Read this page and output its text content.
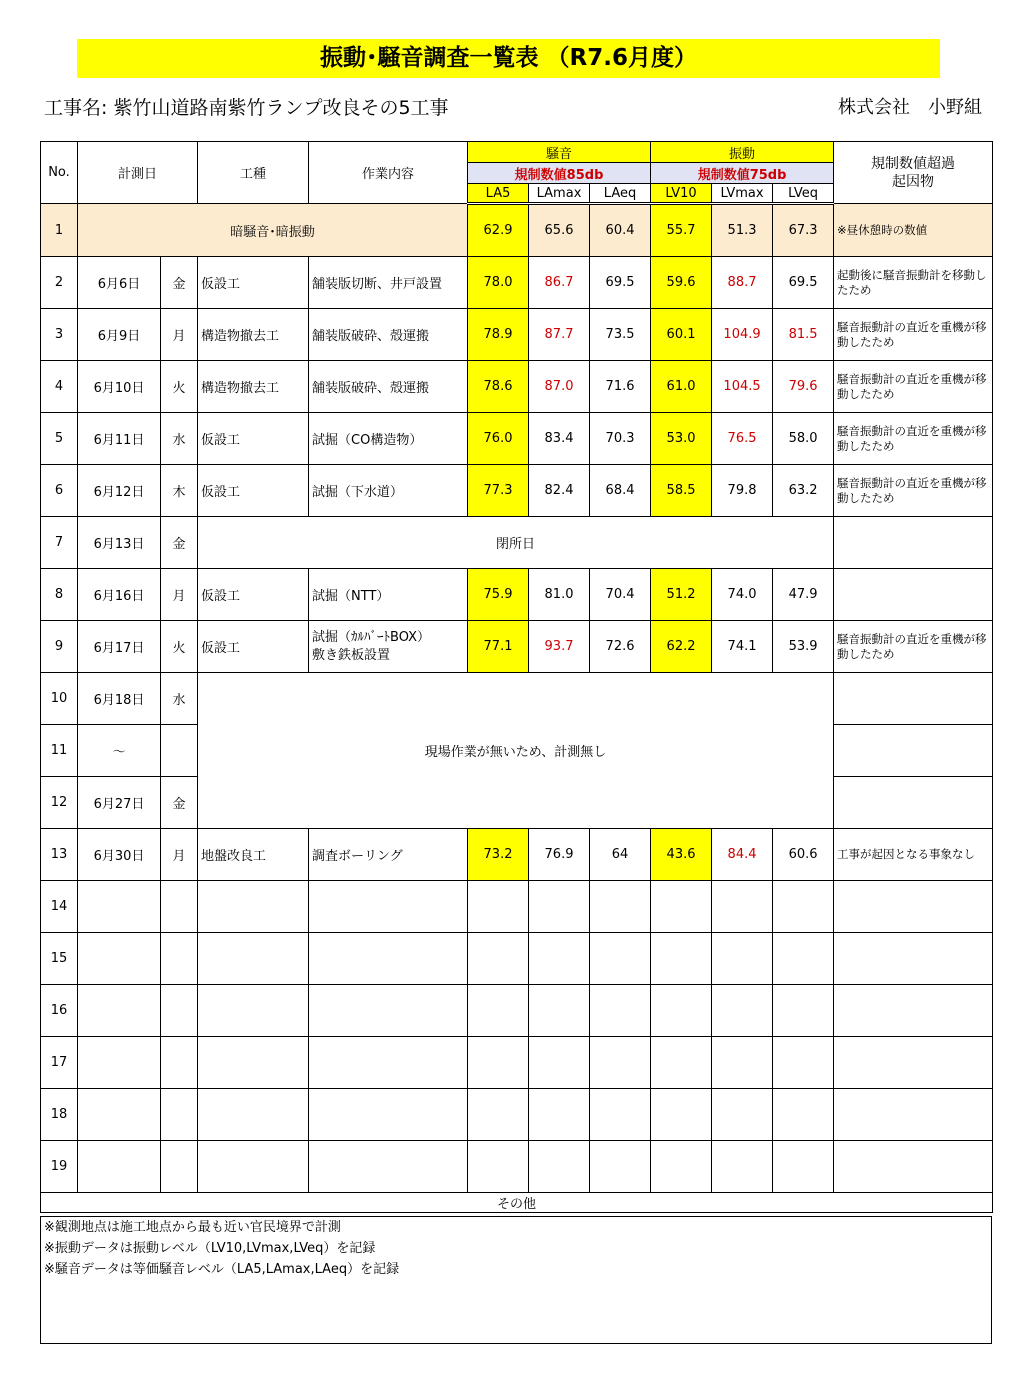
振動･騒音調査一覧表 （R7.6月度）
工事名: 紫竹山道路南紫竹ランプ改良その5工事	株式会社　小野組
No.	計測日		工種	作業内容	騒音			振動			規制数値超過
起因物

					規制数値85db			規制数値75db			
					LA5	LAmax	LAeq	LV10	LVmax	LVeq	
1	暗騒音･暗振動				62.9	65.6	60.4	55.7	51.3	67.3	※昼休憩時の数値
2	6月6日	金	仮設工	舗装版切断、井戸設置	78.0	86.7	69.5	59.6	88.7	69.5	起動後に騒音振動計を移動したため
3	6月9日	月	構造物撤去工	舗装版破砕、殻運搬	78.9	87.7	73.5	60.1	104.9	81.5	騒音振動計の直近を重機が移動したため
4	6月10日	火	構造物撤去工	舗装版破砕、殻運搬	78.6	87.0	71.6	61.0	104.5	79.6	騒音振動計の直近を重機が移動したため
5	6月11日	水	仮設工	試掘（CO構造物）	76.0	83.4	70.3	53.0	76.5	58.0	騒音振動計の直近を重機が移動したため
6	6月12日	木	仮設工	試掘（下水道）	77.3	82.4	68.4	58.5	79.8	63.2	騒音振動計の直近を重機が移動したため
7	6月13日	金	閉所日								
8	6月16日	月	仮設工	試掘（NTT）	75.9	81.0	70.4	51.2	74.0	47.9	
9	6月17日	火	仮設工	試掘（ｶﾙﾊﾞｰﾄBOX）
敷き鉄板設置	77.1	93.7	72.6	62.2	74.1	53.9	騒音振動計の直近を重機が移動したため
10	6月18日	水	現場作業が無いため、計測無し								
11	～										
12	6月27日	金									
13	6月30日	月	地盤改良工	調査ボーリング	73.2	76.9	64	43.6	84.4	60.6	工事が起因となる事象なし
14											
15											
16											
17											
18											
19											
その他											
※観測地点は施工地点から最も近い官民境界で計測
※振動データは振動レベル（LV10,LVmax,LVeq）を記録
※騒音データは等価騒音レベル（LA5,LAmax,LAeq）を記録
